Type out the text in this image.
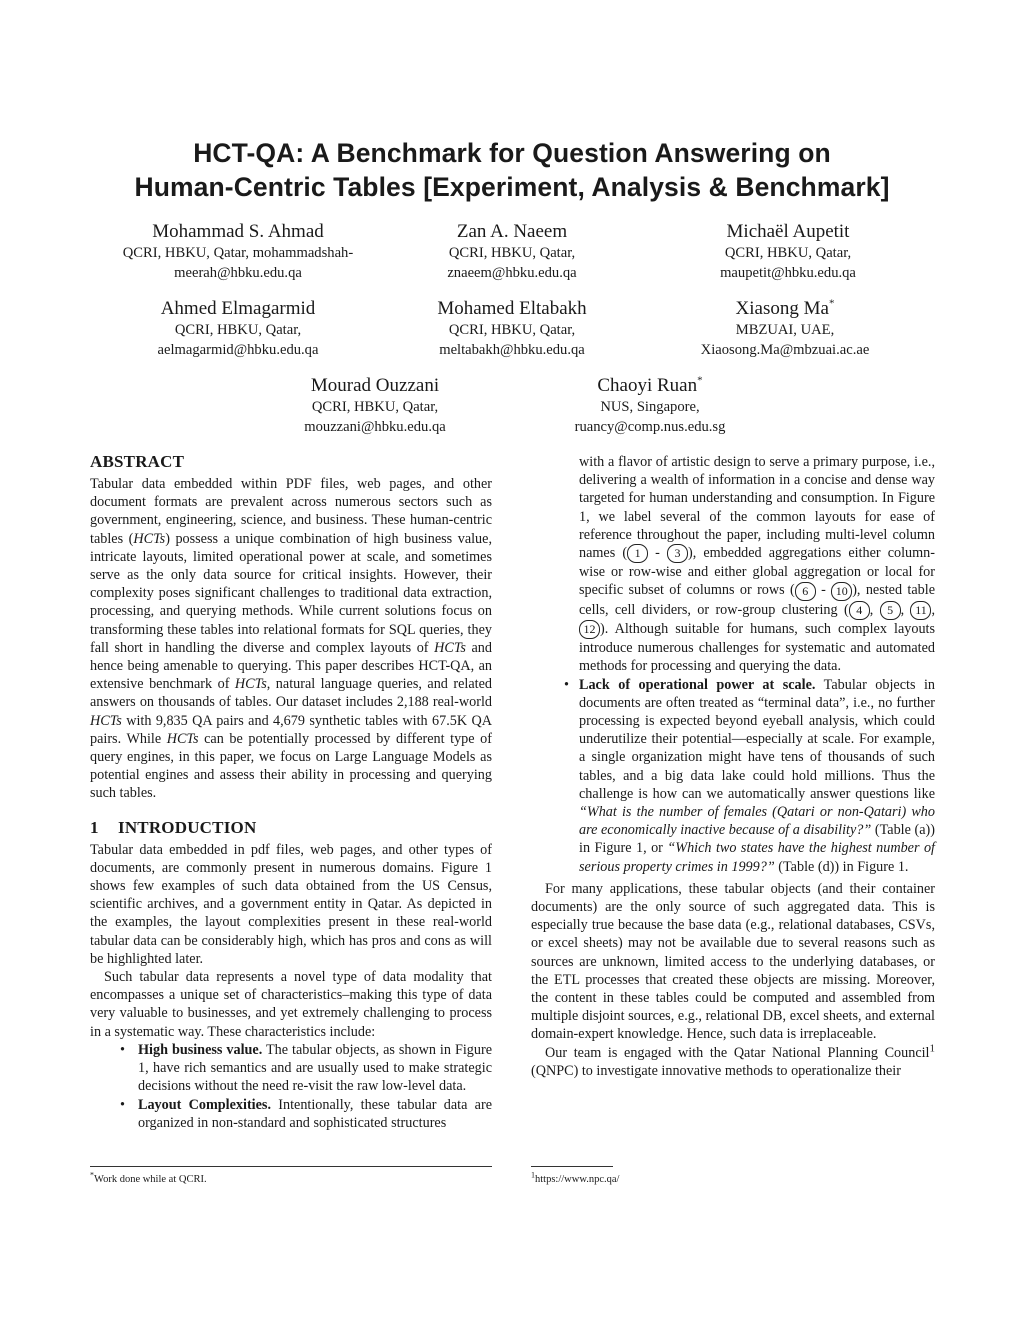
HCT-QA: A Benchmark for Question Answering on
Human-Centric Tables [Experiment, Analysis & Benchmark]
Mohammad S. Ahmad
QCRI, HBKU, Qatar, mohammadshah-
meerah@hbku.edu.qa
Zan A. Naeem
QCRI, HBKU, Qatar,
znaeem@hbku.edu.qa
Michaël Aupetit
QCRI, HBKU, Qatar,
maupetit@hbku.edu.qa
Ahmed Elmagarmid
QCRI, HBKU, Qatar,
aelmagarmid@hbku.edu.qa
Mohamed Eltabakh
QCRI, HBKU, Qatar,
meltabakh@hbku.edu.qa
Xiasong Ma*
MBZUAI, UAE,
Xiaosong.Ma@mbzuai.ac.ae
Mourad Ouzzani
QCRI, HBKU, Qatar,
mouzzani@hbku.edu.qa
Chaoyi Ruan*
NUS, Singapore,
ruancy@comp.nus.edu.sg
ABSTRACT

Tabular data embedded within PDF files, web pages, and other document formats are prevalent across numerous sectors such as government, engineering, science, and business. These human-centric tables (HCTs) possess a unique combination of high business value, intricate layouts, limited operational power at scale, and sometimes serve as the only data source for critical insights. However, their complexity poses significant challenges to traditional data extraction, processing, and querying methods. While current solutions focus on transforming these tables into relational formats for SQL queries, they fall short in handling the diverse and complex layouts of HCTs and hence being amenable to querying. This paper describes HCT-QA, an extensive benchmark of HCTs, natural language queries, and related answers on thousands of tables. Our dataset includes 2,188 real-world HCTs with 9,835 QA pairs and 4,679 synthetic tables with 67.5K QA pairs. While HCTs can be potentially processed by different type of query engines, in this paper, we focus on Large Language Models as potential engines and assess their ability in processing and querying such tables.

1 INTRODUCTION

Tabular data embedded in pdf files, web pages, and other types of documents, are commonly present in numerous domains. Figure 1 shows few examples of such data obtained from the US Census, scientific archives, and a government entity in Qatar. As depicted in the examples, the layout complexities present in these real-world tabular data can be considerably high, which has pros and cons as will be highlighted later.

Such tabular data represents a novel type of data modality that encompasses a unique set of characteristics–making this type of data very valuable to businesses, and yet extremely challenging to process in a systematic way. These characteristics include:

• High business value. The tabular objects, as shown in Figure 1, have rich semantics and are usually used to make strategic decisions without the need re-visit the raw low-level data.
• Layout Complexities. Intentionally, these tabular data are organized in non-standard and sophisticated structures
*Work done while at QCRI.
with a flavor of artistic design to serve a primary purpose, i.e., delivering a wealth of information in a concise and dense way targeted for human understanding and consumption. In Figure 1, we label several of the common layouts for ease of reference throughout the paper, including multi-level column names ( 1 - 3 ), embedded aggregations either column-wise or row-wise and either global aggregation or local for specific subset of columns or rows ( 6 - 10 ), nested table cells, cell dividers, or row-group clustering ( 4 , 5 , 11 , 12 ). Although suitable for humans, such complex layouts introduce numerous challenges for systematic and automated methods for processing and querying the data.
• Lack of operational power at scale. Tabular objects in documents are often treated as “terminal data”, i.e., no further processing is expected beyond eyeball analysis, which could underutilize their potential—especially at scale. For example, a single organization might have tens of thousands of such tables, and a big data lake could hold millions. Thus the challenge is how can we automatically answer questions like “What is the number of females (Qatari or non-Qatari) who are economically inactive because of a disability?” (Table (a)) in Figure 1, or “Which two states have the highest number of serious property crimes in 1999?” (Table (d)) in Figure 1.

For many applications, these tabular objects (and their container documents) are the only source of such aggregated data. This is especially true because the base data (e.g., relational databases, CSVs, or excel sheets) may not be available due to several reasons such as sources are unknown, limited access to the underlying databases, or the ETL processes that created these objects are missing. Moreover, the content in these tables could be computed and assembled from multiple disjoint sources, e.g., relational DB, excel sheets, and external domain-expert knowledge. Hence, such data is irreplaceable.

Our team is engaged with the Qatar National Planning Council$^1$ (QNPC) to investigate innovative methods to operationalize their

$^1$https://www.npc.qa/
